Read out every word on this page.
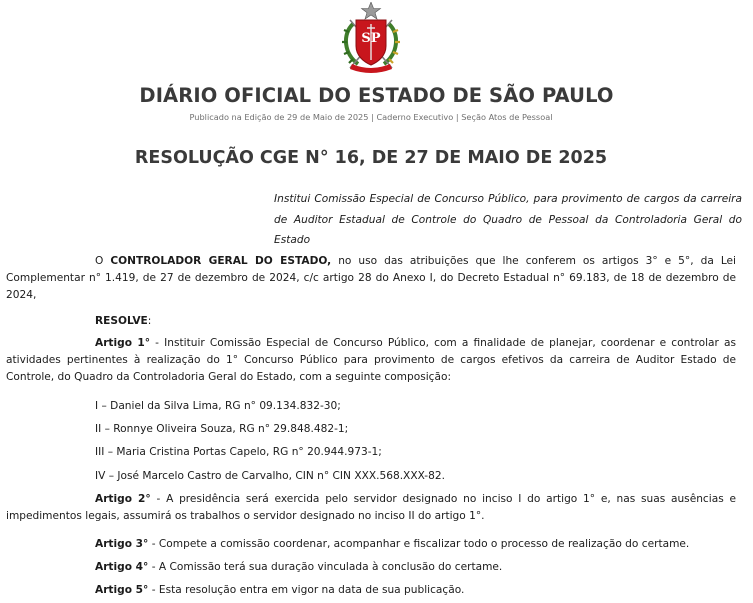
SP
DIÁRIO OFICIAL DO ESTADO DE SÃO PAULO
Publicado na Edição de 29 de Maio de 2025 | Caderno Executivo | Seção Atos de Pessoal
RESOLUÇÃO CGE N° 16, DE 27 DE MAIO DE 2025
Institui Comissão Especial de Concurso Público, para provimento de cargos da carreira de Auditor Estadual de Controle do Quadro de Pessoal da Controladoria Geral do Estado
O CONTROLADOR GERAL DO ESTADO, no uso das atribuições que lhe conferem os artigos 3° e 5°, da Lei Complementar n° 1.419, de 27 de dezembro de 2024, c/c artigo 28 do Anexo I, do Decreto Estadual n° 69.183, de 18 de dezembro de 2024,
RESOLVE:
Artigo 1° - Instituir Comissão Especial de Concurso Público, com a finalidade de planejar, coordenar e controlar as atividades pertinentes à realização do 1° Concurso Público para provimento de cargos efetivos da carreira de Auditor Estado de Controle, do Quadro da Controladoria Geral do Estado, com a seguinte composição:
I – Daniel da Silva Lima, RG n° 09.134.832-30;
II – Ronnye Oliveira Souza, RG n° 29.848.482-1;
III – Maria Cristina Portas Capelo, RG n° 20.944.973-1;
IV – José Marcelo Castro de Carvalho, CIN n° CIN XXX.568.XXX-82.
Artigo 2° - A presidência será exercida pelo servidor designado no inciso I do artigo 1° e, nas suas ausências e impedimentos legais, assumirá os trabalhos o servidor designado no inciso II do artigo 1°.
Artigo 3° - Compete a comissão coordenar, acompanhar e fiscalizar todo o processo de realização do certame.
Artigo 4° - A Comissão terá sua duração vinculada à conclusão do certame.
Artigo 5° - Esta resolução entra em vigor na data de sua publicação.
